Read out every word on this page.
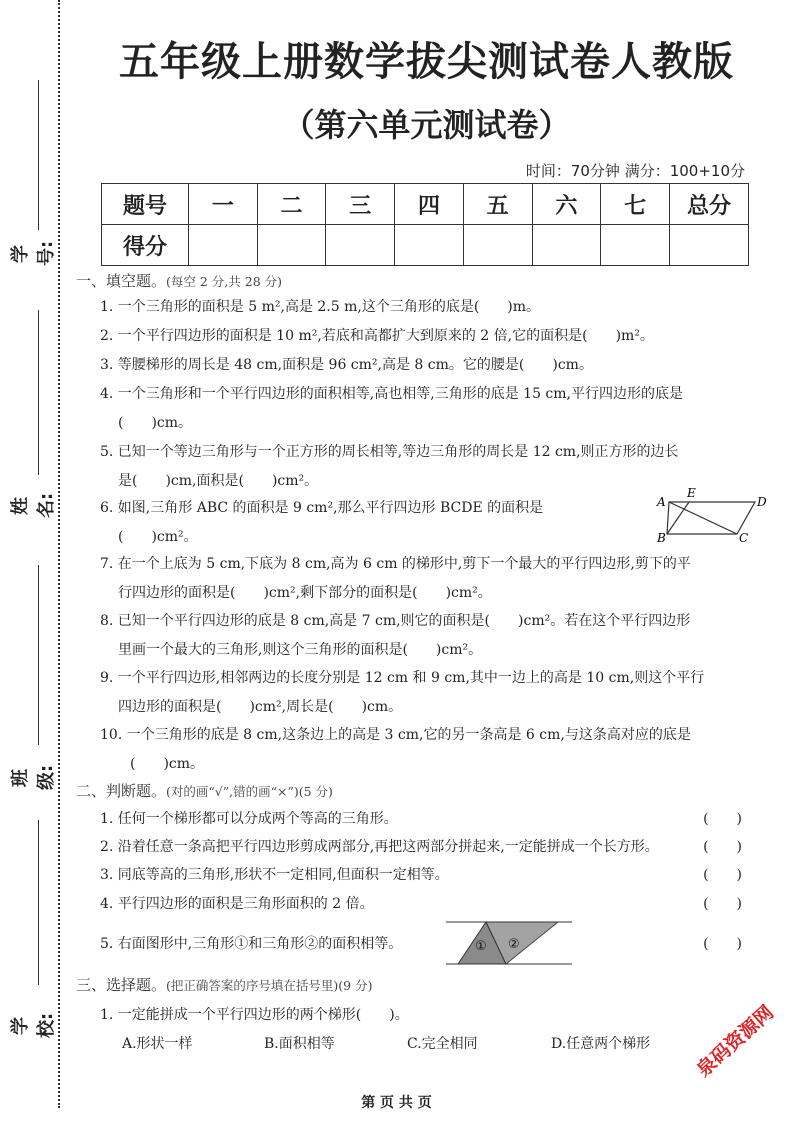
学号:
姓名:
班级:
学校:
五年级上册数学拔尖测试卷人教版
（第六单元测试卷）
时间：70分钟 满分：100+10分
题号	一	二	三	四	五	六	七	总分
得分								
一、填空题。(每空 2 分,共 28 分)
1. 一个三角形的面积是 5 m²,高是 2.5 m,这个三角形的底是(　　)m。
2. 一个平行四边形的面积是 10 m²,若底和高都扩大到原来的 2 倍,它的面积是(　　)m²。
3. 等腰梯形的周长是 48 cm,面积是 96 cm²,高是 8 cm。它的腰是(　　)cm。
4. 一个三角形和一个平行四边形的面积相等,高也相等,三角形的底是 15 cm,平行四边形的底是
(　　)cm。
5. 已知一个等边三角形与一个正方形的周长相等,等边三角形的周长是 12 cm,则正方形的边长
是(　　)cm,面积是(　　)cm²。
6. 如图,三角形 ABC 的面积是 9 cm²,那么平行四边形 BCDE 的面积是
(　　)cm²。
A
E
D
B	C
7. 在一个上底为 5 cm,下底为 8 cm,高为 6 cm 的梯形中,剪下一个最大的平行四边形,剪下的平
行四边形的面积是(　　)cm²,剩下部分的面积是(　　)cm²。
8. 已知一个平行四边形的底是 8 cm,高是 7 cm,则它的面积是(　　)cm²。若在这个平行四边形
里画一个最大的三角形,则这个三角形的面积是(　　)cm²。
9. 一个平行四边形,相邻两边的长度分别是 12 cm 和 9 cm,其中一边上的高是 10 cm,则这个平行
四边形的面积是(　　)cm²,周长是(　　)cm。
10. 一个三角形的底是 8 cm,这条边上的高是 3 cm,它的另一条高是 6 cm,与这条高对应的底是
(　　)cm。
二、判断题。(对的画“√”,错的画“×”)(5 分)
1. 任何一个梯形都可以分成两个等高的三角形。	(　　)
2. 沿着任意一条高把平行四边形剪成两部分,再把这两部分拼起来,一定能拼成一个长方形。	(　　)
3. 同底等高的三角形,形状不一定相同,但面积一定相等。	(　　)
4. 平行四边形的面积是三角形面积的 2 倍。	(　　)
5. 右面图形中,三角形①和三角形②的面积相等。	(　　)
① ②
三、选择题。(把正确答案的序号填在括号里)(9 分)
1. 一定能拼成一个平行四边形的两个梯形(　　)。
A.形状一样	B.面积相等	C.完全相同	D.任意两个梯形 泉码资源网
第 页 共 页
